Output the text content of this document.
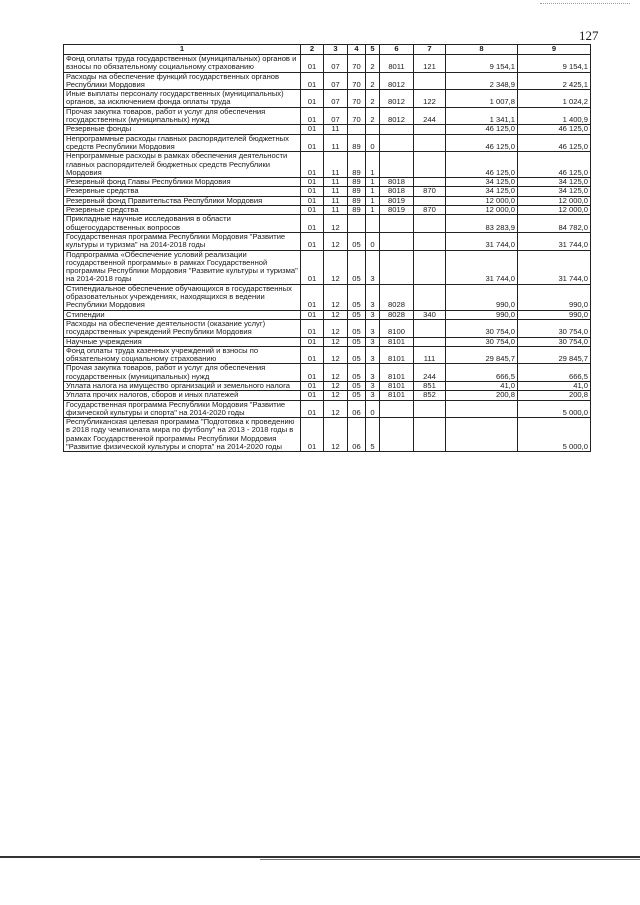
127
1	2	3	4	5	6	7	8	9
Фонд оплаты труда государственных (муниципальных) органов и взносы по обязательному социальному страхованию	01	07	70	2	8011	121	9 154,1	9 154,1
Расходы на обеспечение функций государственных органов Республики Мордовия	01	07	70	2	8012		2 348,9	2 425,1
Иные выплаты персоналу государственных (муниципальных) органов, за исключением фонда оплаты труда	01	07	70	2	8012	122	1 007,8	1 024,2
Прочая закупка товаров, работ и услуг для обеспечения государственных (муниципальных) нужд	01	07	70	2	8012	244	1 341,1	1 400,9
Резервные фонды	01	11					46 125,0	46 125,0
Непрограммные расходы главных распорядителей бюджетных средств Республики Мордовия	01	11	89	0			46 125,0	46 125,0
Непрограммные расходы в рамках обеспечения деятельности главных распорядителей бюджетных средств Республики Мордовия	01	11	89	1			46 125,0	46 125,0
Резервный фонд Главы Республики Мордовия	01	11	89	1	8018		34 125,0	34 125,0
Резервные средства	01	11	89	1	8018	870	34 125,0	34 125,0
Резервный фонд Правительства Республики Мордовия	01	11	89	1	8019		12 000,0	12 000,0
Резервные средства	01	11	89	1	8019	870	12 000,0	12 000,0
Прикладные научные исследования в области общегосударственных вопросов	01	12					83 283,9	84 782,0
Государственная программа Республики Мордовия "Развитие культуры и туризма" на 2014-2018 годы	01	12	05	0			31 744,0	31 744,0
Подпрограмма «Обеспечение условий реализации государственной программы» в рамках Государственной программы Республики Мордовия "Развитие культуры и туризма" на 2014-2018 годы	01	12	05	3			31 744,0	31 744,0
Стипендиальное обеспечение обучающихся в государственных образовательных учреждениях, находящихся в ведении Республики Мордовия	01	12	05	3	8028		990,0	990,0
Стипендии	01	12	05	3	8028	340	990,0	990,0
Расходы на обеспечение деятельности (оказание услуг) государственных учреждений Республики Мордовия	01	12	05	3	8100		30 754,0	30 754,0
Научные учреждения	01	12	05	3	8101		30 754,0	30 754,0
Фонд оплаты труда казенных учреждений и взносы по обязательному социальному страхованию	01	12	05	3	8101	111	29 845,7	29 845,7
Прочая закупка товаров, работ и услуг для обеспечения государственных (муниципальных) нужд	01	12	05	3	8101	244	666,5	666,5
Уплата налога на имущество организаций и земельного налога	01	12	05	3	8101	851	41,0	41,0
Уплата прочих налогов, сборов и иных платежей	01	12	05	3	8101	852	200,8	200,8
Государственная программа Республики Мордовия "Развитие физической культуры и спорта" на 2014-2020 годы	01	12	06	0				5 000,0
Республиканская целевая программа "Подготовка к проведению в 2018 году чемпионата мира по футболу" на 2013 - 2018 годы в рамках Государственной программы Республики Мордовия "Развитие физической культуры и спорта" на 2014-2020 годы	01	12	06	5				5 000,0
